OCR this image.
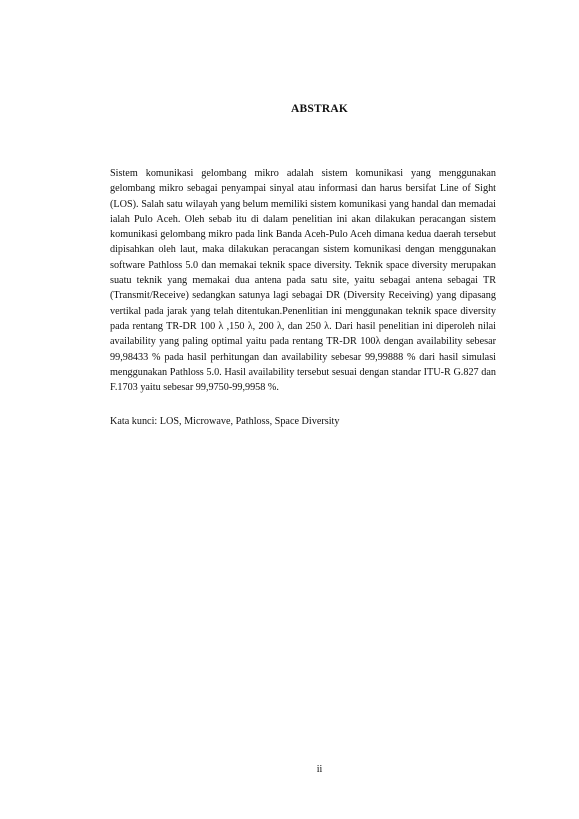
ABSTRAK

Sistem komunikasi gelombang mikro adalah sistem komunikasi yang menggunakan gelombang mikro sebagai penyampai sinyal atau informasi dan harus bersifat Line of Sight (LOS). Salah satu wilayah yang belum memiliki sistem komunikasi yang handal dan memadai ialah Pulo Aceh. Oleh sebab itu di dalam penelitian ini akan dilakukan peracangan sistem komunikasi gelombang mikro pada link Banda Aceh-Pulo Aceh dimana kedua daerah tersebut dipisahkan oleh laut, maka dilakukan peracangan sistem komunikasi dengan menggunakan software Pathloss 5.0 dan memakai teknik space diversity. Teknik space diversity merupakan suatu teknik yang memakai dua antena pada satu site, yaitu sebagai antena sebagai TR (Transmit/Receive) sedangkan satunya lagi sebagai DR (Diversity Receiving) yang dipasang vertikal pada jarak yang telah ditentukan.Penenlitian ini menggunakan teknik space diversity pada rentang TR-DR 100 λ ,150 λ, 200 λ, dan 250 λ. Dari hasil penelitian ini diperoleh nilai availability yang paling optimal yaitu pada rentang TR-DR 100λ dengan availability sebesar 99,98433 % pada hasil perhitungan dan availability sebesar 99,99888 % dari hasil simulasi menggunakan Pathloss 5.0. Hasil availability tersebut sesuai dengan standar ITU-R G.827 dan F.1703 yaitu sebesar 99,9750-99,9958 %.

Kata kunci: LOS, Microwave, Pathloss, Space Diversity

ii
